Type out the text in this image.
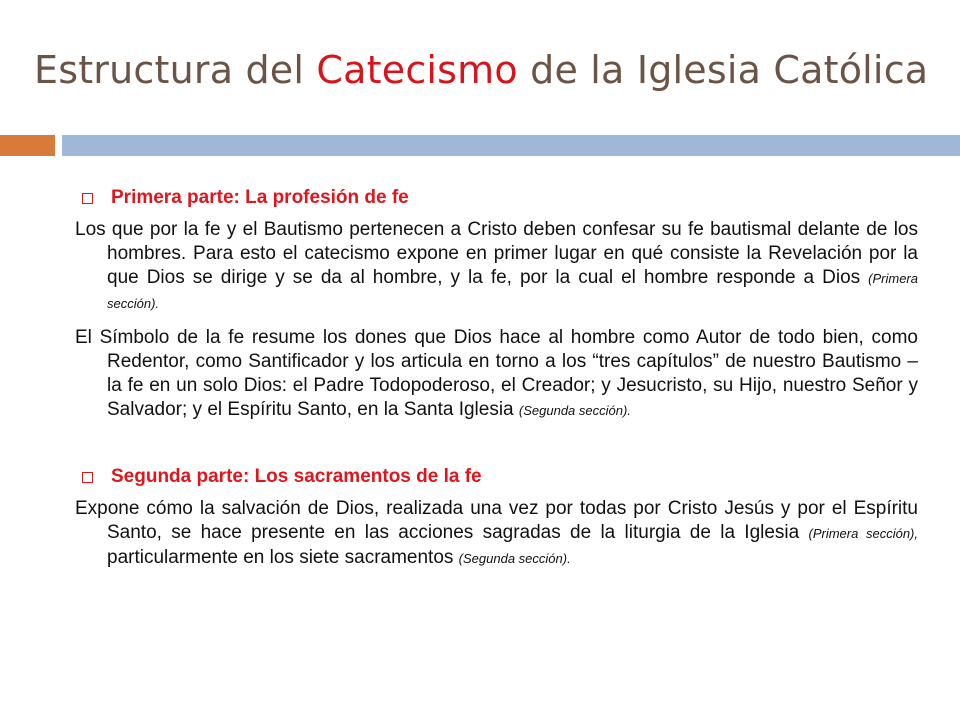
Estructura del Catecismo de la Iglesia Católica
Primera parte: La profesión de fe

Los que por la fe y el Bautismo pertenecen a Cristo deben confesar su fe bautismal delante de los hombres. Para esto el catecismo expone en primer lugar en qué consiste la Revelación por la que Dios se dirige y se da al hombre, y la fe, por la cual el hombre responde a Dios (Primera sección).

El Símbolo de la fe resume los dones que Dios hace al hombre como Autor de todo bien, como Redentor, como Santificador y los articula en torno a los “tres capítulos” de nuestro Bautismo –la fe en un solo Dios: el Padre Todopoderoso, el Creador; y Jesucristo, su Hijo, nuestro Señor y Salvador; y el Espíritu Santo, en la Santa Iglesia (Segunda sección).

Segunda parte: Los sacramentos de la fe

Expone cómo la salvación de Dios, realizada una vez por todas por Cristo Jesús y por el Espíritu Santo, se hace presente en las acciones sagradas de la liturgia de la Iglesia (Primera sección), particularmente en los siete sacramentos (Segunda sección).
